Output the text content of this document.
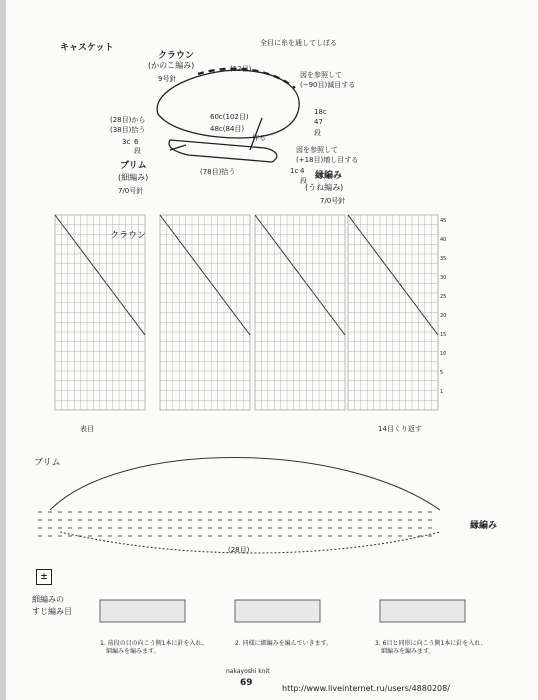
キャスケット
クラウン
(かのこ編み)
9号針
全目に糸を通してしぼる
(12目)
図を参照して
(−90目)減目する
60c(102目)
48c(84目)
18c
47
段
(28目)から
(38目)拾う
3c 6
段
作る
図を参照して
(+18目)増し目する
ブリム
(細編み)
7/0号針
(78目)拾う	1c 4
段 縁編み
(うね編み)
7/0号針
クラウン
表目	14目くり返す
45
40
35
30
25
20
15
10
5
1
ブリム
(28目)
縁編み
±
細編みの
すじ編み目
1. 前段の目の向こう側1本に針を入れ、
細編みを編みます。
2. 同様に細編みを編んでいきます。	3. 6目と同形に向こう側1本に針を入れ、
細編みを編みます。
nakayoshi knit
69
http://www.liveinternet.ru/users/4880208/
